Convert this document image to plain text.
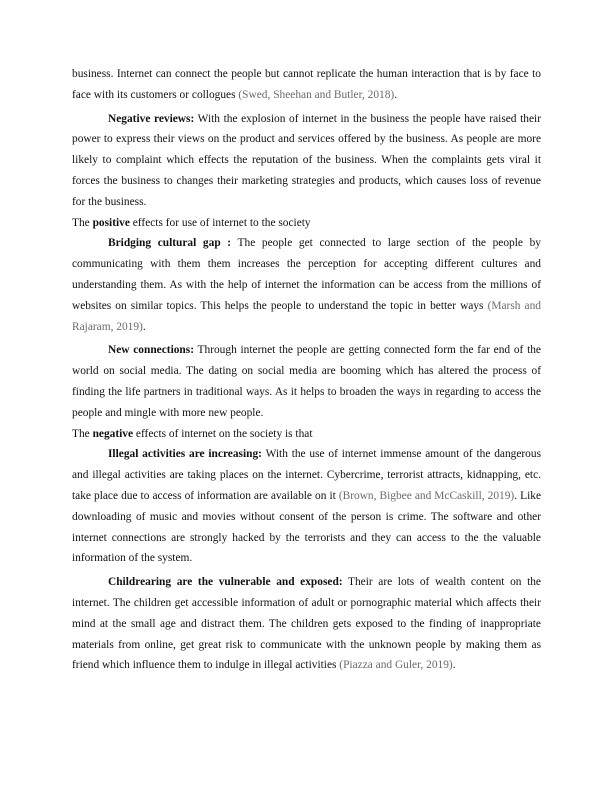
business. Internet can connect the people but cannot replicate the human interaction that is by face to face with its customers or collogues (Swed, Sheehan and Butler, 2018).

Negative reviews: With the explosion of internet in the business the people have raised their power to express their views on the product and services offered by the business. As people are more likely to complaint which effects the reputation of the business. When the complaints gets viral it forces the business to changes their marketing strategies and products, which causes loss of revenue for the business.

The positive effects for use of internet to the society

Bridging cultural gap : The people get connected to large section of the people by communicating with them them increases the perception for accepting different cultures and understanding them. As with the help of internet the information can be access from the millions of websites on similar topics. This helps the people to understand the topic in better ways (Marsh and Rajaram, 2019).

New connections: Through internet the people are getting connected form the far end of the world on social media. The dating on social media are booming which has altered the process of finding the life partners in traditional ways. As it helps to broaden the ways in regarding to access the people and mingle with more new people.

The negative effects of internet on the society is that

Illegal activities are increasing: With the use of internet immense amount of the dangerous and illegal activities are taking places on the internet. Cybercrime, terrorist attracts, kidnapping, etc. take place due to access of information are available on it (Brown, Bigbee and McCaskill, 2019). Like downloading of music and movies without consent of the person is crime. The software and other internet connections are strongly hacked by the terrorists and they can access to the the valuable information of the system.

Childrearing are the vulnerable and exposed: Their are lots of wealth content on the internet. The children get accessible information of adult or pornographic material which affects their mind at the small age and distract them. The children gets exposed to the finding of inappropriate materials from online, get great risk to communicate with the unknown people by making them as friend which influence them to indulge in illegal activities (Piazza and Guler, 2019).
